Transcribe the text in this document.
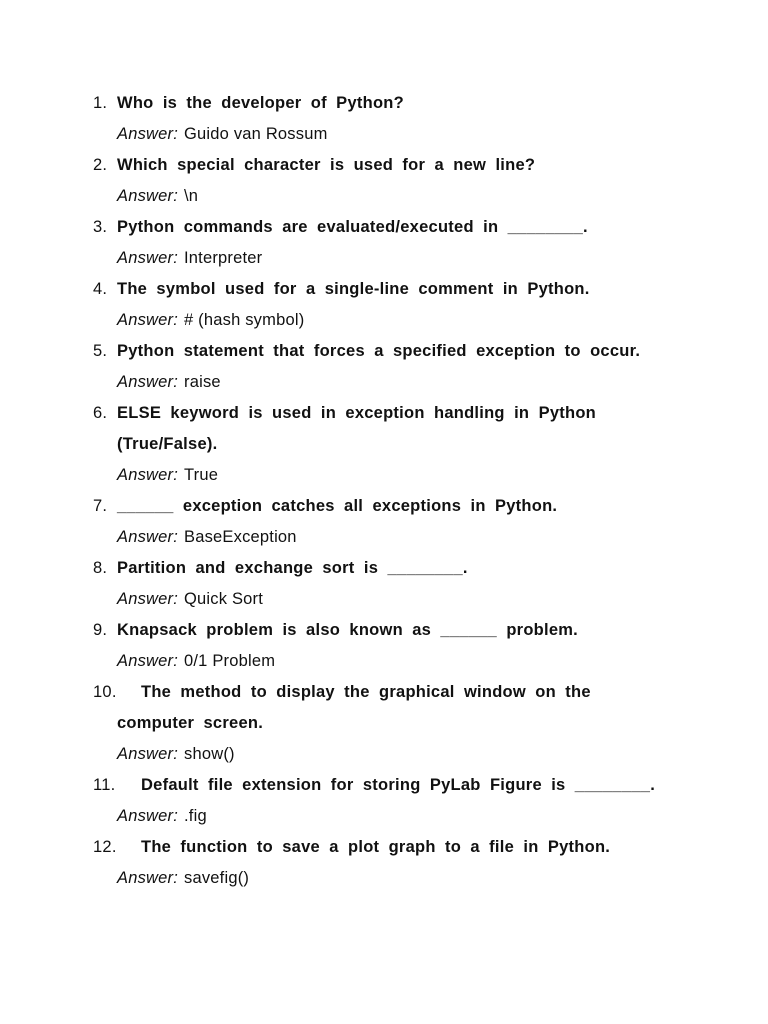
1. Who is the developer of Python?
Answer: Guido van Rossum
2. Which special character is used for a new line?
Answer: \n
3. Python commands are evaluated/executed in ________.
Answer: Interpreter
4. The symbol used for a single-line comment in Python.
Answer: # (hash symbol)
5. Python statement that forces a specified exception to occur.
Answer: raise
6. ELSE keyword is used in exception handling in Python
(True/False).
Answer: True
7. ______ exception catches all exceptions in Python.
Answer: BaseException
8. Partition and exchange sort is ________.
Answer: Quick Sort
9. Knapsack problem is also known as ______ problem.
Answer: 0/1 Problem
10.	The method to display the graphical window on the
computer screen.
Answer: show()
11.	Default file extension for storing PyLab Figure is ________.
Answer: .fig
12.	The function to save a plot graph to a file in Python.
Answer: savefig()
